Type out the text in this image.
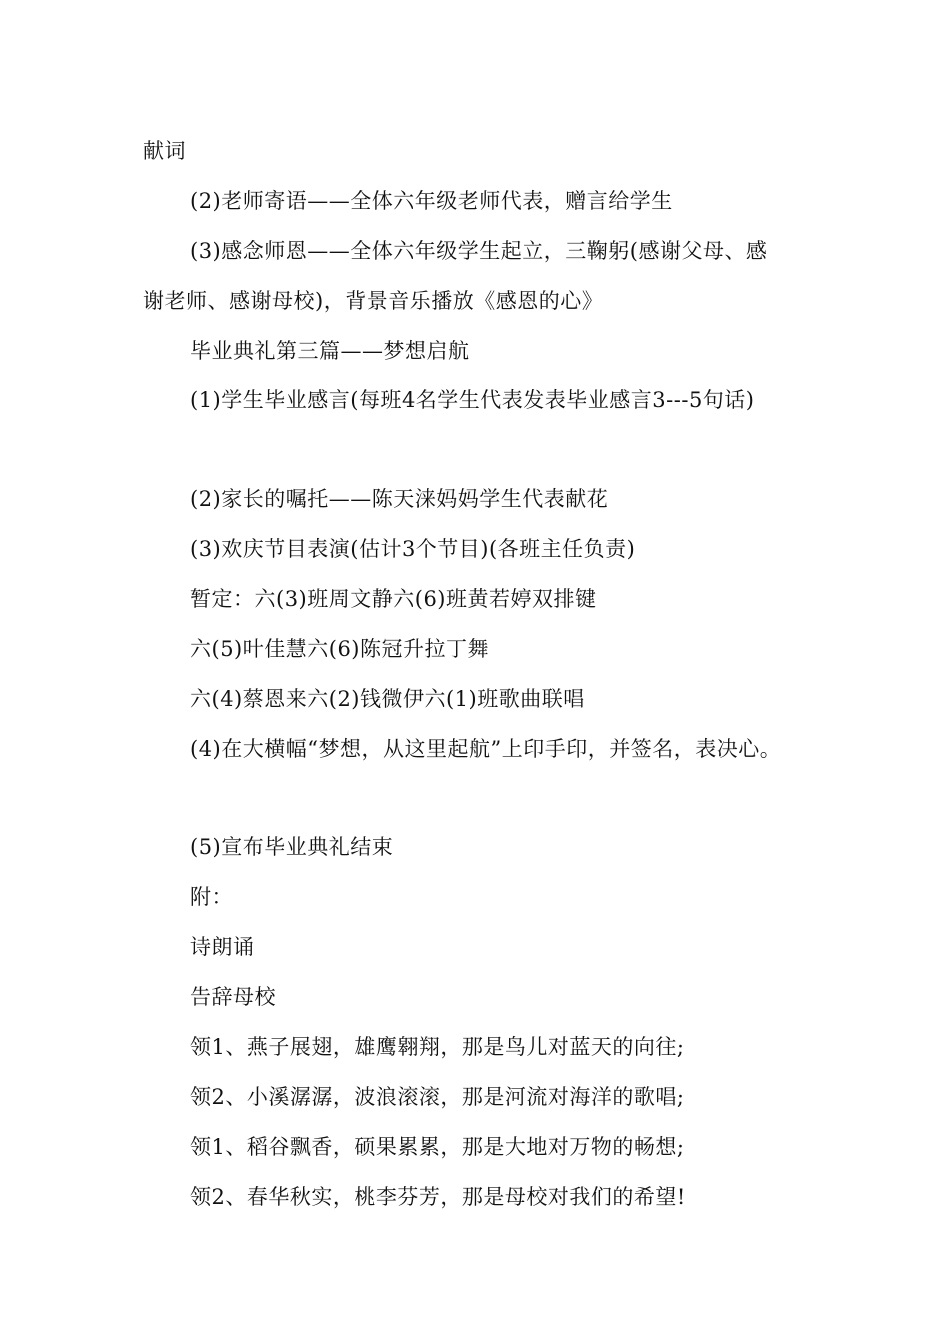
献词
(2)老师寄语——全体六年级老师代表，赠言给学生
(3)感念师恩——全体六年级学生起立，三鞠躬(感谢父母、感
谢老师、感谢母校)，背景音乐播放《感恩的心》
毕业典礼第三篇——梦想启航
(1)学生毕业感言(每班4名学生代表发表毕业感言3---5句话)
(2)家长的嘱托——陈天涞妈妈学生代表献花
(3)欢庆节目表演(估计3个节目)(各班主任负责)
暂定：六(3)班周文静六(6)班黄若婷双排键
六(5)叶佳慧六(6)陈冠升拉丁舞
六(4)蔡恩来六(2)钱微伊六(1)班歌曲联唱
(4)在大横幅“梦想，从这里起航”上印手印，并签名，表决心。
(5)宣布毕业典礼结束
附：
诗朗诵
告辞母校
领1、燕子展翅，雄鹰翱翔，那是鸟儿对蓝天的向往;
领2、小溪潺潺，波浪滚滚，那是河流对海洋的歌唱;
领1、稻谷飘香，硕果累累，那是大地对万物的畅想;
领2、春华秋实，桃李芬芳，那是母校对我们的希望!
